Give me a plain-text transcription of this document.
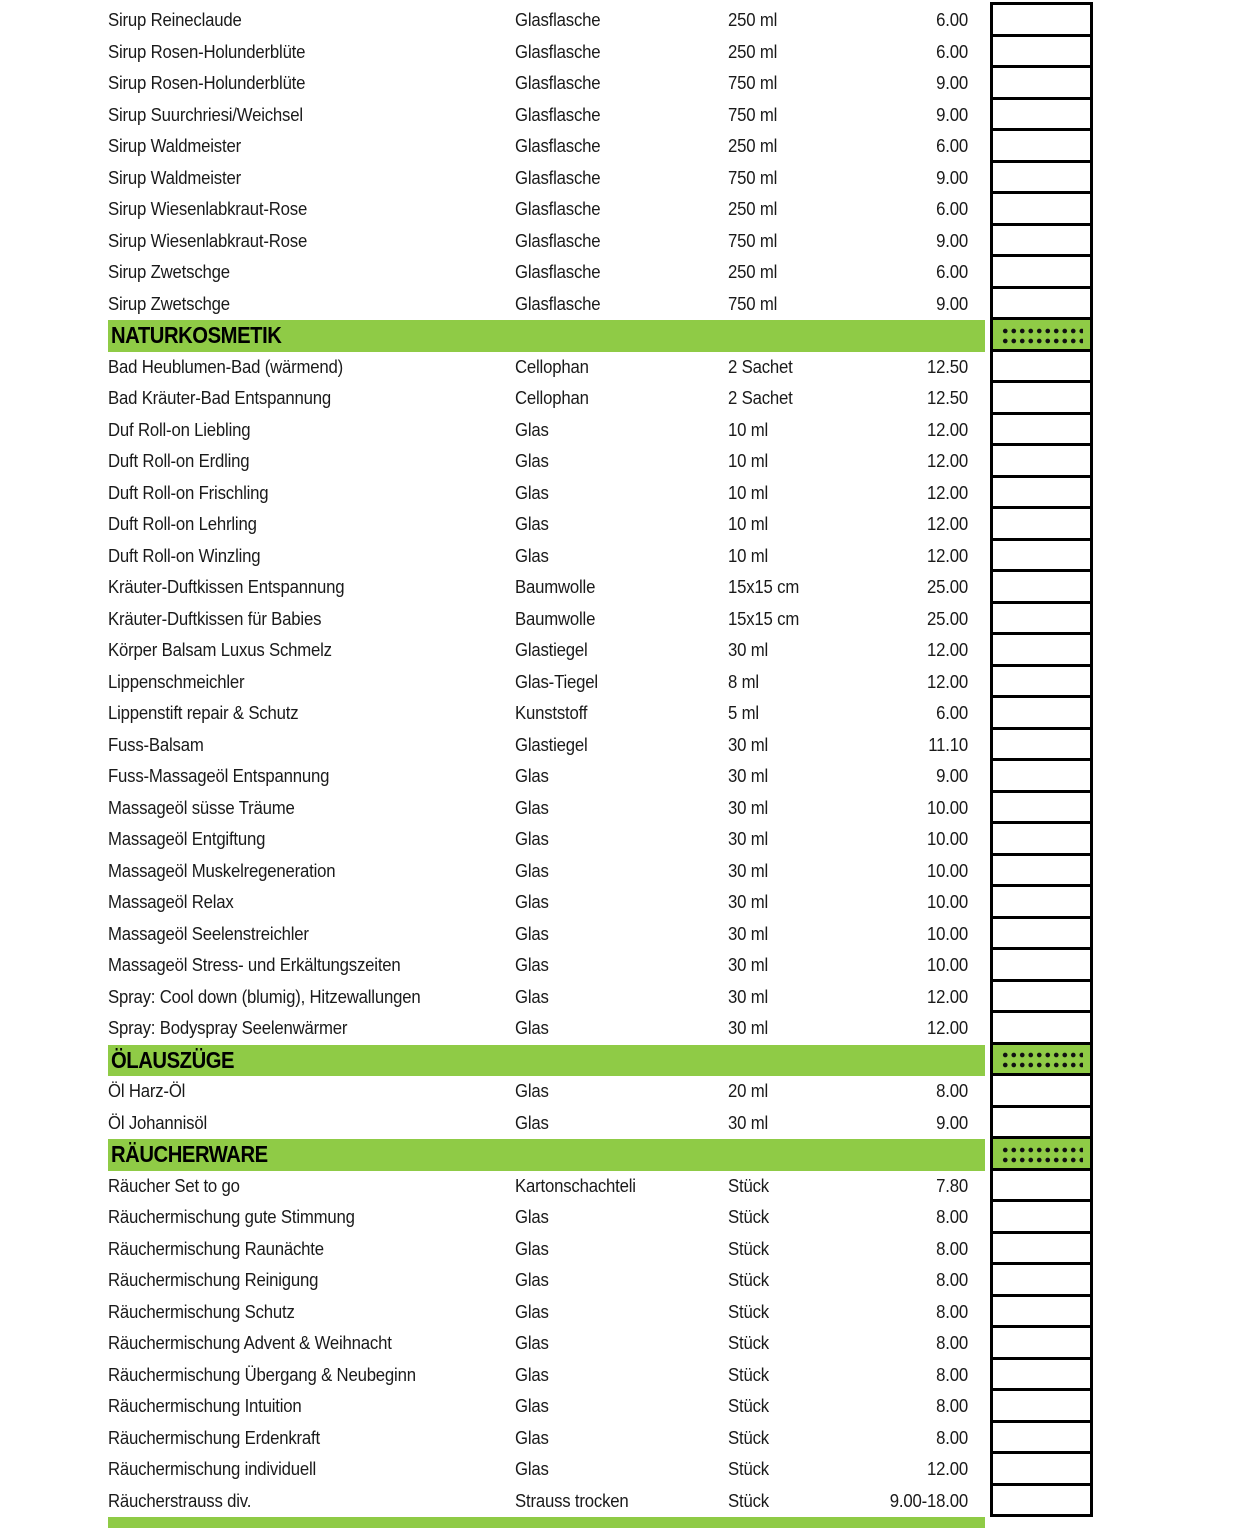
Sirup Reineclaude	Glasflasche	250 ml	6.00
Sirup Rosen-Holunderblüte	Glasflasche	250 ml	6.00
Sirup Rosen-Holunderblüte	Glasflasche	750 ml	9.00
Sirup Suurchriesi/Weichsel	Glasflasche	750 ml	9.00
Sirup Waldmeister	Glasflasche	250 ml	6.00
Sirup Waldmeister	Glasflasche	750 ml	9.00
Sirup Wiesenlabkraut-Rose	Glasflasche	250 ml	6.00
Sirup Wiesenlabkraut-Rose	Glasflasche	750 ml	9.00
Sirup Zwetschge	Glasflasche	250 ml	6.00
Sirup Zwetschge	Glasflasche	750 ml	9.00
NATURKOSMETIK
Bad Heublumen-Bad (wärmend)	Cellophan	2 Sachet	12.50
Bad Kräuter-Bad Entspannung	Cellophan	2 Sachet	12.50
Duf Roll-on Liebling	Glas	10 ml	12.00
Duft Roll-on Erdling	Glas	10 ml	12.00
Duft Roll-on Frischling	Glas	10 ml	12.00
Duft Roll-on Lehrling	Glas	10 ml	12.00
Duft Roll-on Winzling	Glas	10 ml	12.00
Kräuter-Duftkissen Entspannung	Baumwolle	15x15 cm	25.00
Kräuter-Duftkissen für Babies	Baumwolle	15x15 cm	25.00
Körper Balsam Luxus Schmelz	Glastiegel	30 ml	12.00
Lippenschmeichler	Glas-Tiegel	8 ml	12.00
Lippenstift repair & Schutz	Kunststoff	5 ml	6.00
Fuss-Balsam	Glastiegel	30 ml	11.10
Fuss-Massageöl Entspannung	Glas	30 ml	9.00
Massageöl süsse Träume	Glas	30 ml	10.00
Massageöl Entgiftung	Glas	30 ml	10.00
Massageöl Muskelregeneration	Glas	30 ml	10.00
Massageöl Relax	Glas	30 ml	10.00
Massageöl Seelenstreichler	Glas	30 ml	10.00
Massageöl Stress- und Erkältungszeiten	Glas	30 ml	10.00
Spray: Cool down (blumig), Hitzewallungen	Glas	30 ml	12.00
Spray: Bodyspray Seelenwärmer	Glas	30 ml	12.00
ÖLAUSZÜGE
Öl Harz-Öl	Glas	20 ml	8.00
Öl Johannisöl	Glas	30 ml	9.00
RÄUCHERWARE
Räucher Set to go	Kartonschachteli	Stück	7.80
Räuchermischung gute Stimmung	Glas	Stück	8.00
Räuchermischung Raunächte	Glas	Stück	8.00
Räuchermischung Reinigung	Glas	Stück	8.00
Räuchermischung Schutz	Glas	Stück	8.00
Räuchermischung Advent & Weihnacht	Glas	Stück	8.00
Räuchermischung Übergang & Neubeginn	Glas	Stück	8.00
Räuchermischung Intuition	Glas	Stück	8.00
Räuchermischung Erdenkraft	Glas	Stück	8.00
Räuchermischung individuell	Glas	Stück	12.00
Räucherstrauss div.	Strauss trocken	Stück	9.00-18.00
